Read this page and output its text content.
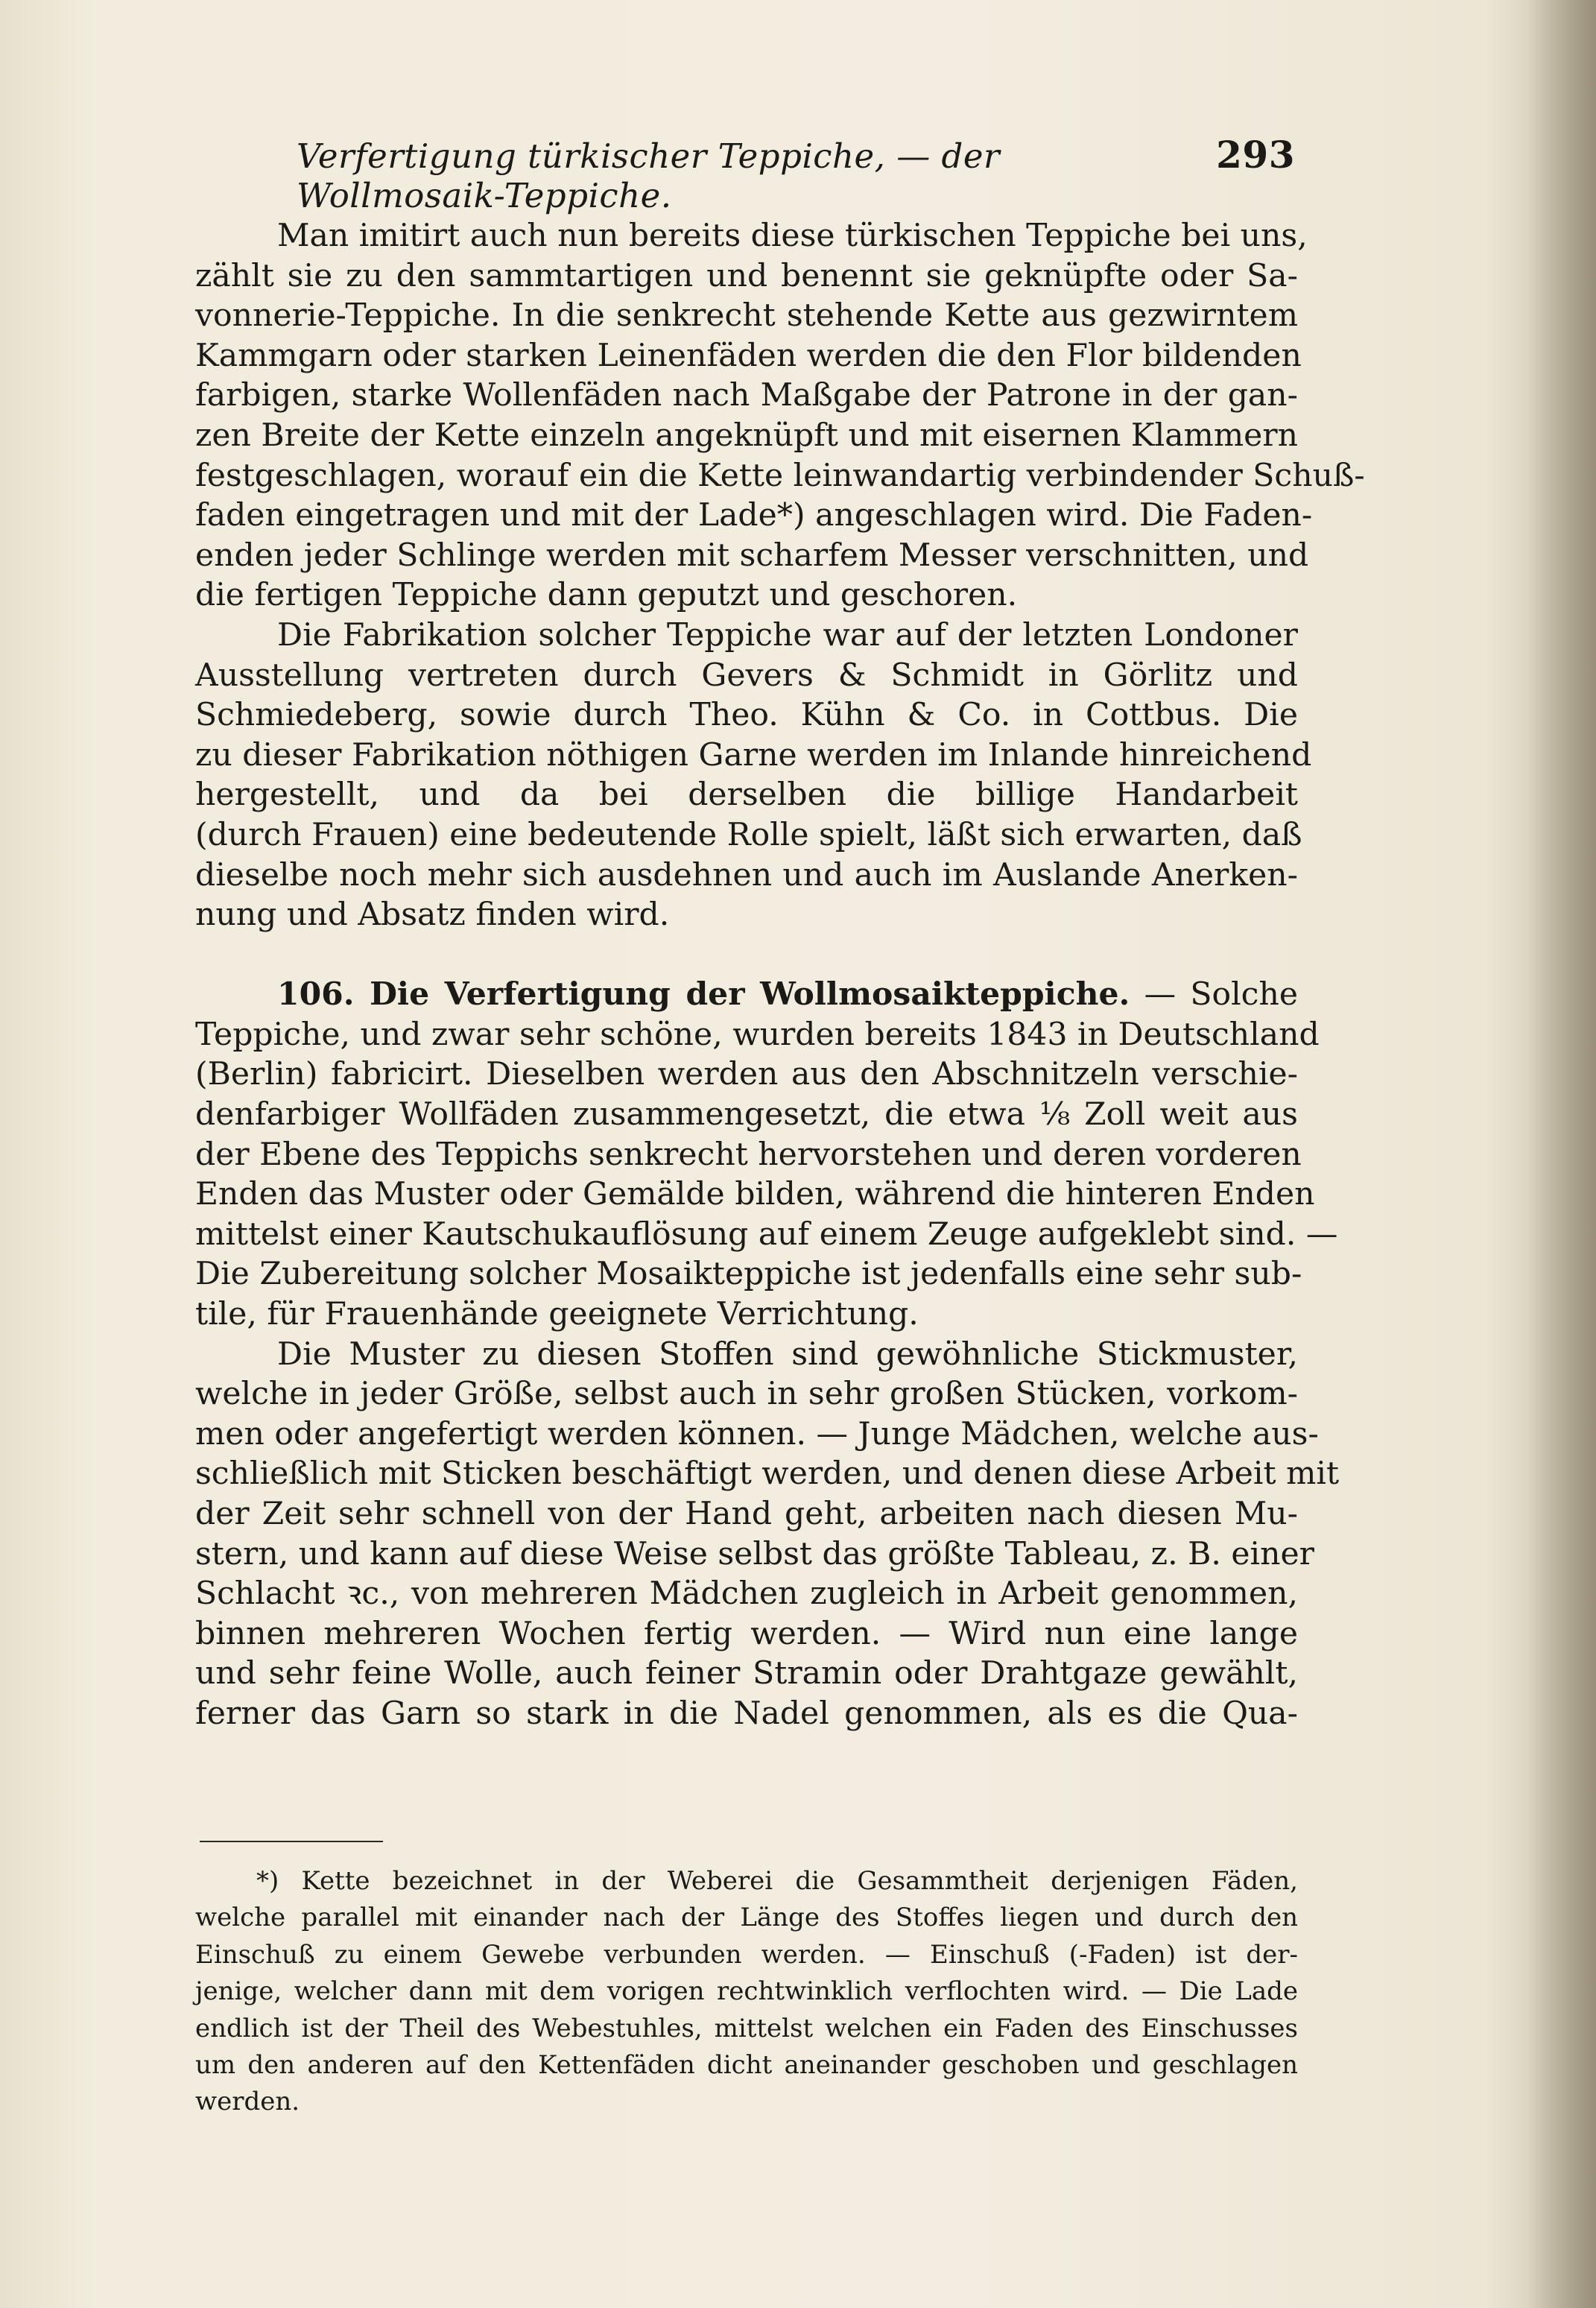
Verfertigung türkischer Teppiche, — der Wollmosaik-Teppiche.
293
Man imitirt auch nun bereits diese türkischen Teppiche bei uns,
zählt sie zu den sammtartigen und benennt sie geknüpfte oder Sa-
vonnerie-Teppiche. In die senkrecht stehende Kette aus gezwirntem
Kammgarn oder starken Leinenfäden werden die den Flor bildenden
farbigen, starke Wollenfäden nach Maßgabe der Patrone in der gan-
zen Breite der Kette einzeln angeknüpft und mit eisernen Klammern
festgeschlagen, worauf ein die Kette leinwandartig verbindender Schuß-
faden eingetragen und mit der Lade*) angeschlagen wird. Die Faden-
enden jeder Schlinge werden mit scharfem Messer verschnitten, und
die fertigen Teppiche dann geputzt und geschoren.
Die Fabrikation solcher Teppiche war auf der letzten Londoner
Ausstellung vertreten durch Gevers & Schmidt in Görlitz und
Schmiedeberg, sowie durch Theo. Kühn & Co. in Cottbus. Die
zu dieser Fabrikation nöthigen Garne werden im Inlande hinreichend
hergestellt, und da bei derselben die billige Handarbeit
(durch Frauen) eine bedeutende Rolle spielt, läßt sich erwarten, daß
dieselbe noch mehr sich ausdehnen und auch im Auslande Anerken-
nung und Absatz finden wird.
106. Die Verfertigung der Wollmosaikteppiche. — Solche
Teppiche, und zwar sehr schöne, wurden bereits 1843 in Deutschland
(Berlin) fabricirt. Dieselben werden aus den Abschnitzeln verschie-
denfarbiger Wollfäden zusammengesetzt, die etwa ⅛ Zoll weit aus
der Ebene des Teppichs senkrecht hervorstehen und deren vorderen
Enden das Muster oder Gemälde bilden, während die hinteren Enden
mittelst einer Kautschukauflösung auf einem Zeuge aufgeklebt sind. —
Die Zubereitung solcher Mosaikteppiche ist jedenfalls eine sehr sub-
tile, für Frauenhände geeignete Verrichtung.
Die Muster zu diesen Stoffen sind gewöhnliche Stickmuster,
welche in jeder Größe, selbst auch in sehr großen Stücken, vorkom-
men oder angefertigt werden können. — Junge Mädchen, welche aus-
schließlich mit Sticken beschäftigt werden, und denen diese Arbeit mit
der Zeit sehr schnell von der Hand geht, arbeiten nach diesen Mu-
stern, und kann auf diese Weise selbst das größte Tableau, z. B. einer
Schlacht ꝛc., von mehreren Mädchen zugleich in Arbeit genommen,
binnen mehreren Wochen fertig werden. — Wird nun eine lange
und sehr feine Wolle, auch feiner Stramin oder Drahtgaze gewählt,
ferner das Garn so stark in die Nadel genommen, als es die Qua-
*) Kette bezeichnet in der Weberei die Gesammtheit derjenigen Fäden,
welche parallel mit einander nach der Länge des Stoffes liegen und durch den
Einschuß zu einem Gewebe verbunden werden. — Einschuß (-Faden) ist der-
jenige, welcher dann mit dem vorigen rechtwinklich verflochten wird. — Die Lade
endlich ist der Theil des Webestuhles, mittelst welchen ein Faden des Einschusses
um den anderen auf den Kettenfäden dicht aneinander geschoben und geschlagen
werden.
